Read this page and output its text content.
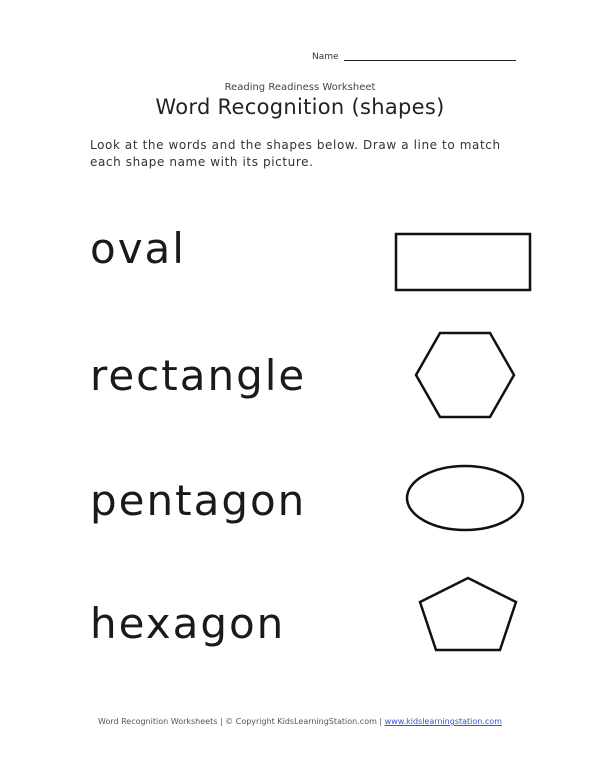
Name
Reading Readiness Worksheet
Word Recognition (shapes)
Look at the words and the shapes below. Draw a line to match
each shape name with its picture.
oval
rectangle
pentagon
hexagon
Word Recognition Worksheets | © Copyright KidsLearningStation.com | www.kidslearningstation.com
